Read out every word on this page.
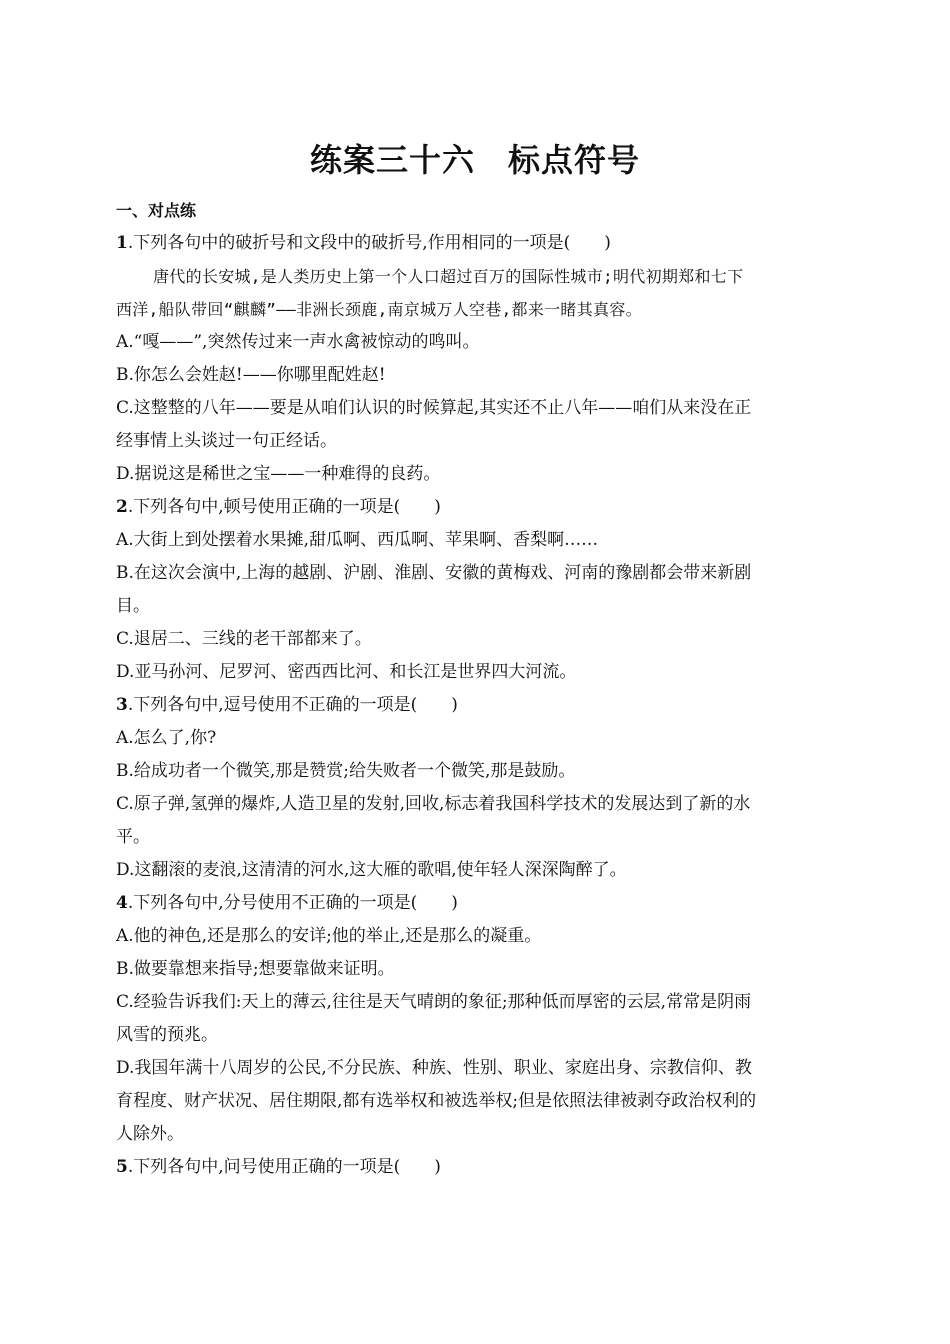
练案三十六　标点符号
一、对点练
1.下列各句中的破折号和文段中的破折号,作用相同的一项是(　　)
唐代的长安城,是人类历史上第一个人口超过百万的国际性城市;明代初期郑和七下
西洋,船队带回“麒麟”——非洲长颈鹿,南京城万人空巷,都来一睹其真容。
A.“嘎——”,突然传过来一声水禽被惊动的鸣叫。
B.你怎么会姓赵!——你哪里配姓赵!
C.这整整的八年——要是从咱们认识的时候算起,其实还不止八年——咱们从来没在正
经事情上头谈过一句正经话。
D.据说这是稀世之宝——一种难得的良药。
2.下列各句中,顿号使用正确的一项是(　　)
A.大街上到处摆着水果摊,甜瓜啊、西瓜啊、苹果啊、香梨啊……
B.在这次会演中,上海的越剧、沪剧、淮剧、安徽的黄梅戏、河南的豫剧都会带来新剧
目。
C.退居二、三线的老干部都来了。
D.亚马孙河、尼罗河、密西西比河、和长江是世界四大河流。
3.下列各句中,逗号使用不正确的一项是(　　)
A.怎么了,你?
B.给成功者一个微笑,那是赞赏;给失败者一个微笑,那是鼓励。
C.原子弹,氢弹的爆炸,人造卫星的发射,回收,标志着我国科学技术的发展达到了新的水
平。
D.这翻滚的麦浪,这清清的河水,这大雁的歌唱,使年轻人深深陶醉了。
4.下列各句中,分号使用不正确的一项是(　　)
A.他的神色,还是那么的安详;他的举止,还是那么的凝重。
B.做要靠想来指导;想要靠做来证明。
C.经验告诉我们:天上的薄云,往往是天气晴朗的象征;那种低而厚密的云层,常常是阴雨
风雪的预兆。
D.我国年满十八周岁的公民,不分民族、种族、性别、职业、家庭出身、宗教信仰、教
育程度、财产状况、居住期限,都有选举权和被选举权;但是依照法律被剥夺政治权利的
人除外。
5.下列各句中,问号使用正确的一项是(　　)
